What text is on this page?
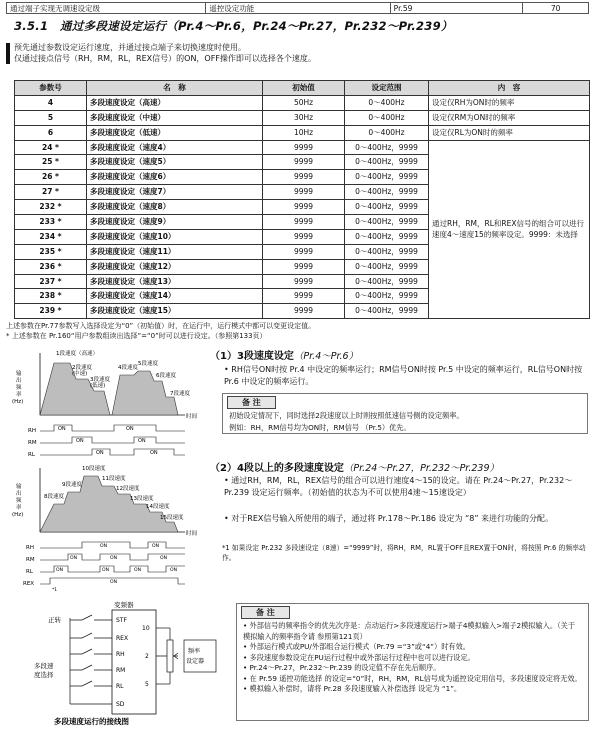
通过端子实现无调速设定级	遥控设定功能	Pr.59	70
3.5.1　通过多段速设定运行（Pr.4～Pr.6，Pr.24～Pr.27，Pr.232～Pr.239）
预先通过参数设定运行速度，并通过接点端子来切换速度时使用。
仅通过接点信号（RH，RM，RL，REX信号）的ON，OFF操作即可以选择各个速度。
参数号	名　称	初始值	设定范围	内　容
4	多段速度设定（高速）	50Hz	0～400Hz	设定仅RH为ON时的频率
5	多段速度设定（中速）	30Hz	0～400Hz	设定仅RM为ON时的频率
6	多段速度设定（低速）	10Hz	0～400Hz	设定仅RL为ON时的频率
24 *	多段速度设定（速度4）	9999	0～400Hz，9999	通过RH，RM，RL和REX信号的组合可以进行速度4～速度15的频率设定。9999：未选择
25 *	多段速度设定（速度5）	9999	0～400Hz，9999	
26 *	多段速度设定（速度6）	9999	0～400Hz，9999	
27 *	多段速度设定（速度7）	9999	0～400Hz，9999	
232 *	多段速度设定（速度8）	9999	0～400Hz，9999	
233 *	多段速度设定（速度9）	9999	0～400Hz，9999	
234 *	多段速度设定（速度10）	9999	0～400Hz，9999	
235 *	多段速度设定（速度11）	9999	0～400Hz，9999	
236 *	多段速度设定（速度12）	9999	0～400Hz，9999	
237 *	多段速度设定（速度13）	9999	0～400Hz，9999	
238 *	多段速度设定（速度14）	9999	0～400Hz，9999	
239 *	多段速度设定（速度15）	9999	0～400Hz，9999	
上述参数在Pr.77参数写入选择设定为“0”（初始值）时，在运行中，运行模式中都可以变更设定值。
* 上述参数在 Pr.160“用户参数组读出选择”=“0”时可以进行设定。（参照第133页）
（1）3段速度设定（Pr.4～Pr.6）
• RH信号ON时按 Pr.4 中设定的频率运行；RM信号ON时按 Pr.5 中设定的频率运行，RL信号ON时按 Pr.6 中设定的频率运行。
备 注
初始设定情况下，同时选择2段速度以上时则按照低速信号侧的设定频率。
例如：RH，RM信号均为ON时，RM信号 （Pr.5）优先。
输
出
频
率
(Hz)
1段速度（高速）
2段速度
(中速)
3段速度
(低速)
4段速度
5段速度
6段速度
7段速度
时间
RH
RM
RL
ON	ON
ON	ON
ON	ON
（2）4段以上的多段速度设定（Pr.24～Pr.27，Pr.232～Pr.239）
• 通过RH，RM，RL，REX信号的组合可以进行速度4～15的设定。请在 Pr.24～Pr.27，Pr.232～Pr.239 设定运行频率。（初始值的状态为不可以使用4速～15速设定）
• 对于REX信号输入所使用的端子，通过将 Pr.178～Pr.186 设定为 “8” 来进行功能的分配。
*1 如果设定 Pr.232 多段速设定（8速）=“9999”时，将RH，RM，RL置于OFF且REX置于ON时，将按照 Pr.6 的频率动作。
输
出
频
率
(Hz)
10段速度
11段速度
9段速度
12段速度
8段速度	13段速度
14段速度
15段速度
时间
RH
RM
RL
REX
ON	ON
ON	ON	ON
ON	ON	ON	ON
ON
*1
变频器
正转
多段速
度选择
STF
REX
RH
RM
RL
SD
10
2
5
频率
设定器
多段速度运行的接线图
备 注
• 外部信号的频率指令的优先次序是：点动运行>多段速度运行>端子4模拟输入>端子2模拟输入。（关于模拟输入的频率指令请 参照第121页）
• 外部运行模式或PU/外部组合运行模式（Pr.79 =“3”或“4”）时有效。
• 多段速度参数设定在PU运行过程中或外部运行过程中也可以进行设定。
• Pr.24～Pr.27，Pr.232～Pr.239 的设定值不存在先后顺序。
• 在 Pr.59 遥控功能选择 的设定=“0”时，RH，RM，RL信号成为遥控设定用信号，多段速度设定将无效。
• 模拟输入补偿时，请将 Pr.28 多段速度输入补偿选择 设定为 “1”。
